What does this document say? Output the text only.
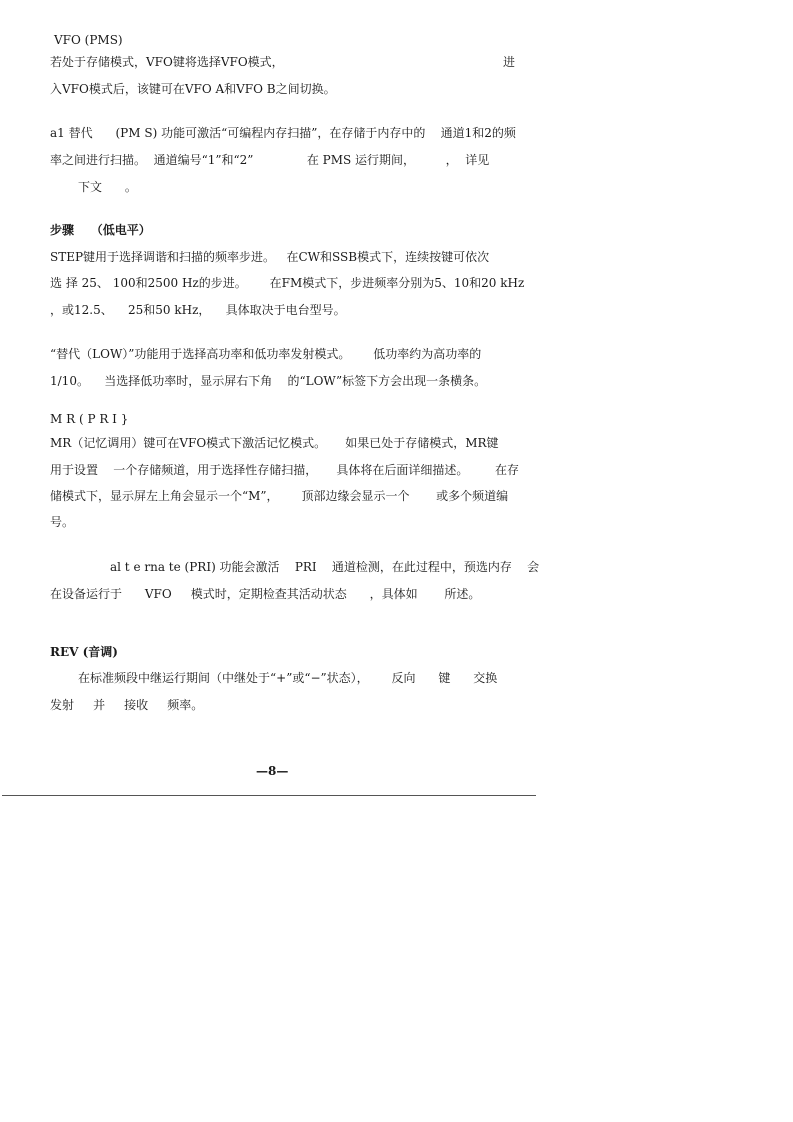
VFO (PMS)
若处于存储模式，VFO键将选择VFO模式，	进
入VFO模式后，该键可在VFO A和VFO B之间切换。
a1 替代      (PM S) 功能可激活“可编程内存扫描”，在存储于内存中的    通道1和2的频
率之间进行扫描。  通道编号“1”和“2”              在 PMS 运行期间，        ，  详见
下文      。
步骤    （低电平）
STEP键用于选择调谐和扫描的频率步进。   在CW和SSB模式下，连续按键可依次
选 择 25、 100和2500 Hz的步进。      在FM模式下，步进频率分别为5、10和20 kHz
，或12.5、    25和50 kHz，    具体取决于电台型号。
“替代（LOW）”功能用于选择高功率和低功率发射模式。      低功率约为高功率的
1/10。    当选择低功率时，显示屏右下角    的“LOW”标签下方会出现一条横条。
M R ( P R I }
MR（记忆调用）键可在VFO模式下激活记忆模式。     如果已处于存储模式，MR键
用于设置    一个存储频道，用于选择性存储扫描，     具体将在后面详细描述。       在存
储模式下，显示屏左上角会显示一个“M”，      顶部边缘会显示一个       或多个频道编
号。
al t e rna te (PRI) 功能会激活    PRI    通道检测，在此过程中，预选内存    会
在设备运行于      VFO     模式时，定期检查其活动状态      ，具体如       所述。
REV (音调)
在标准频段中继运行期间（中继处于“+”或“−”状态），      反向      键      交换
发射     并     接收     频率。
—8—
